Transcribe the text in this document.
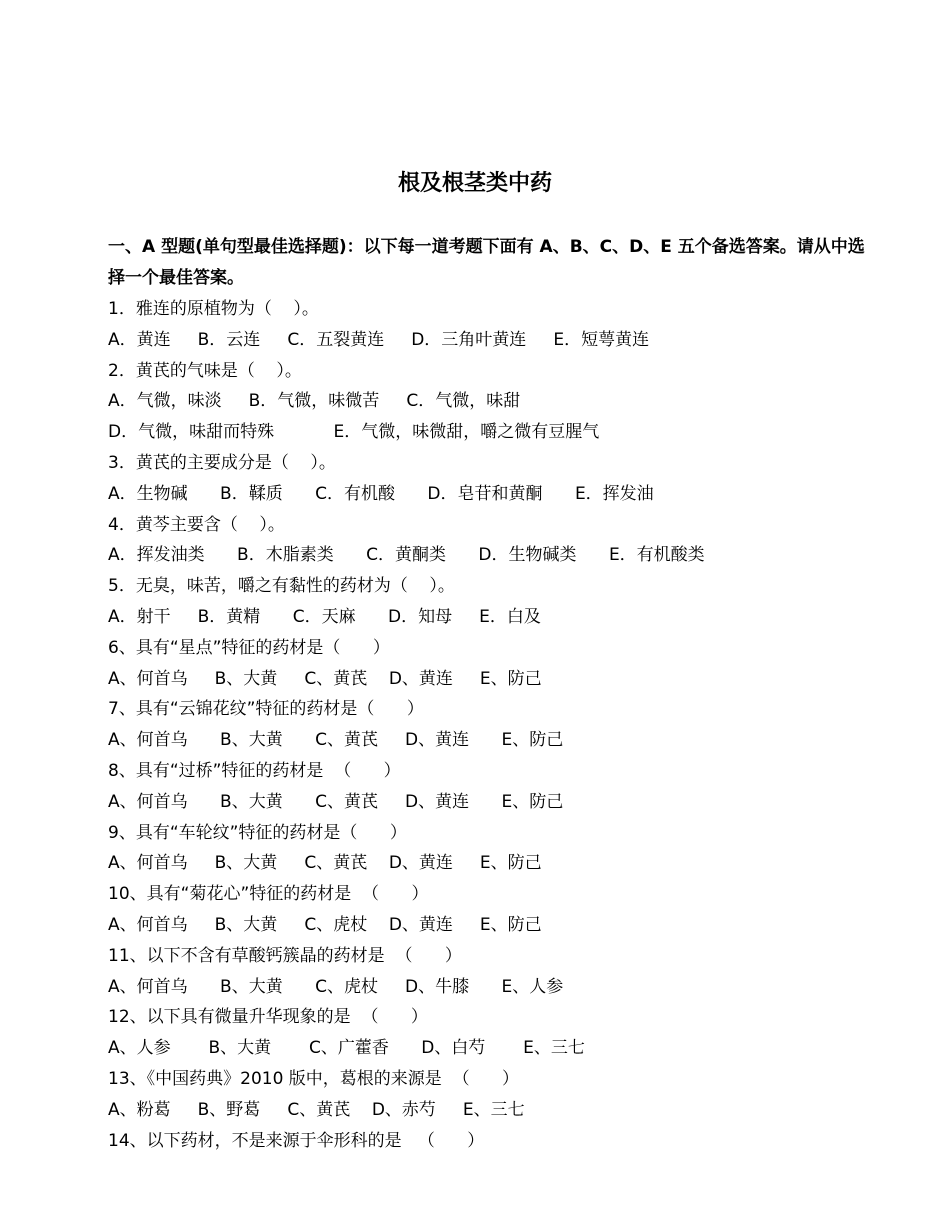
根及根茎类中药
一、A 型题(单句型最佳选择题)：以下每一道考题下面有 A、B、C、D、E 五个备选答案。请从中选择一个最佳答案。
1．雅连的原植物为（    ）。
A．黄连     B．云连     C．五裂黄连     D．三角叶黄连     E．短萼黄连
2．黄芪的气味是（    ）。
A．气微，味淡     B．气微，味微苦     C．气微，味甜
D．气微，味甜而特殊           E．气微，味微甜，嚼之微有豆腥气
3．黄芪的主要成分是（    ）。
A．生物碱      B．鞣质      C．有机酸      D．皂苷和黄酮      E．挥发油
4．黄芩主要含（    ）。
A．挥发油类      B．木脂素类      C．黄酮类      D．生物碱类      E．有机酸类
5．无臭，味苦，嚼之有黏性的药材为（    ）。
A．射干     B．黄精      C．天麻      D．知母     E．白及
6、具有“星点”特征的药材是（      ）
A、何首乌     B、大黄     C、黄芪    D、黄连     E、防己
7、具有“云锦花纹”特征的药材是（      ）
A、何首乌      B、大黄      C、黄芪     D、黄连      E、防己
8、具有“过桥”特征的药材是  （      ）
A、何首乌      B、大黄      C、黄芪     D、黄连      E、防己
9、具有“车轮纹”特征的药材是（      ）
A、何首乌     B、大黄     C、黄芪    D、黄连     E、防己
10、具有“菊花心”特征的药材是  （      ）
A、何首乌     B、大黄     C、虎杖    D、黄连     E、防己
11、以下不含有草酸钙簇晶的药材是  （      ）
A、何首乌      B、大黄      C、虎杖     D、牛膝      E、人参
12、以下具有微量升华现象的是  （      ）
A、人参       B、大黄       C、广藿香      D、白芍       E、三七
13、《中国药典》2010 版中，葛根的来源是  （      ）
A、粉葛     B、野葛     C、黄芪    D、赤芍     E、三七
14、以下药材，不是来源于伞形科的是   （      ）
